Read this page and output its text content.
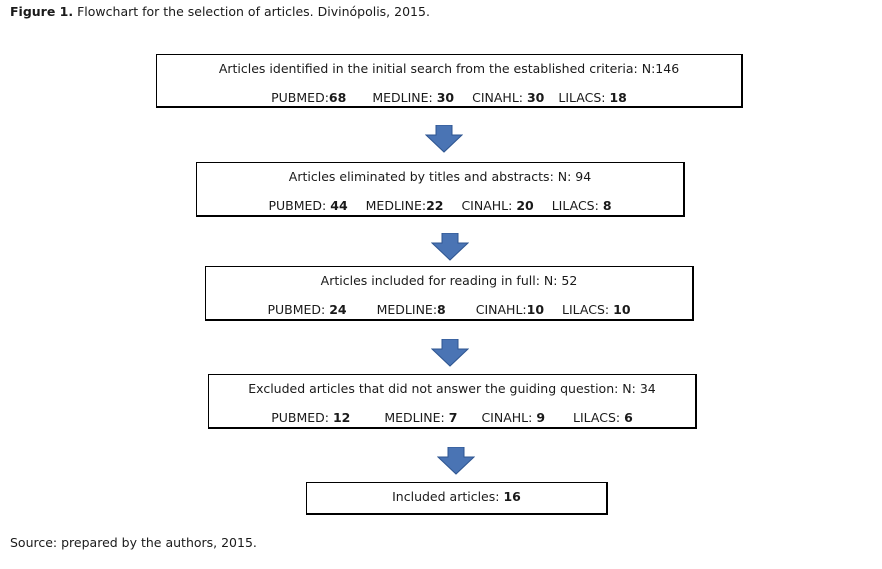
Figure 1. Flowchart for the selection of articles. Divinópolis, 2015.
Articles identified in the initial search from the established criteria: N:146
PUBMED:68 MEDLINE: 30 CINAHL: 30 LILACS: 18
Articles eliminated by titles and abstracts: N: 94
PUBMED: 44 MEDLINE:22 CINAHL: 20 LILACS: 8
Articles included for reading in full: N: 52
PUBMED: 24 MEDLINE:8 CINAHL:10 LILACS: 10
Excluded articles that did not answer the guiding question: N: 34
PUBMED: 12	MEDLINE: 7 CINAHL: 9 LILACS: 6
Included articles: 16
Source: prepared by the authors, 2015.
